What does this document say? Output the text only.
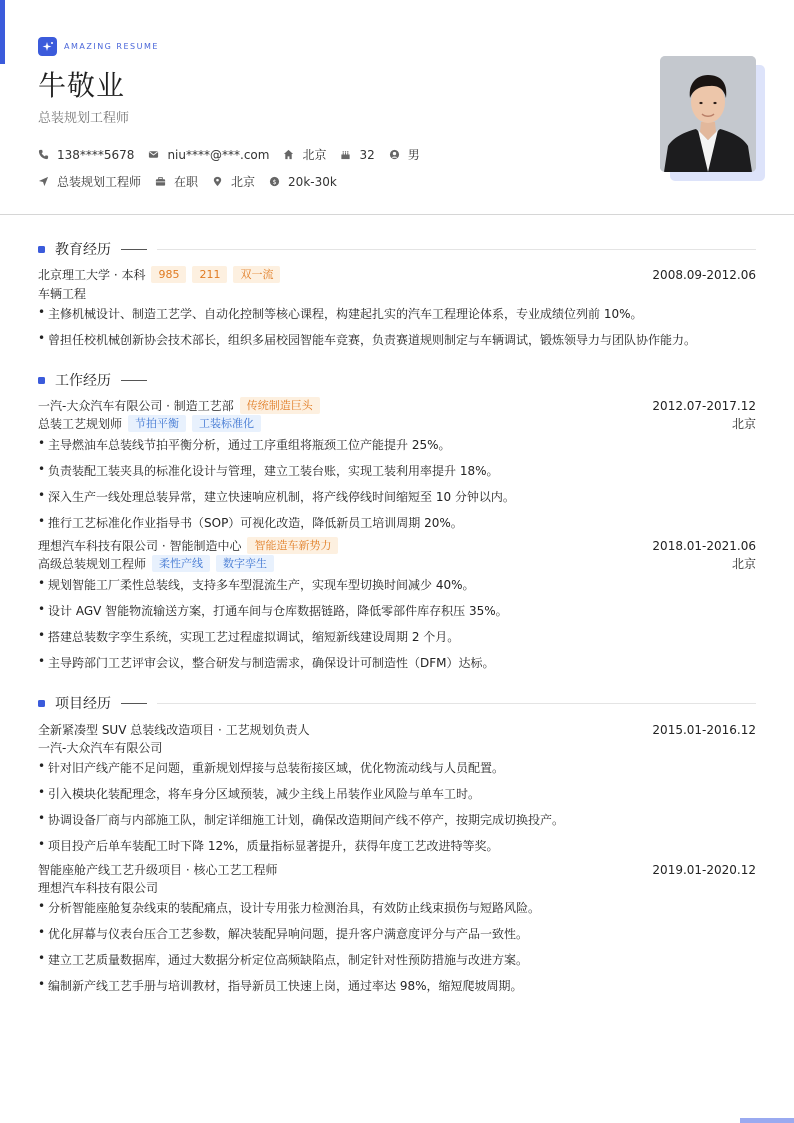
AMAZING RESUME
牛敬业
总装规划工程师
138****5678	niu****@***.com	北京	32	男
总装规划工程师	在职	北京 $ 20k-30k
教育经历
北京理工大学 · 本科	985	211	双一流	2008.09-2012.06
车辆工程
• 主修机械设计、制造工艺学、自动化控制等核心课程，构建起扎实的汽车工程理论体系，专业成绩位列前 10%。
• 曾担任校机械创新协会技术部长，组织多届校园智能车竞赛，负责赛道规则制定与车辆调试，锻炼领导力与团队协作能力。
工作经历
一汽-大众汽车有限公司 · 制造工艺部	传统制造巨头	2012.07-2017.12
总装工艺规划师	节拍平衡	工装标准化	北京
• 主导燃油车总装线节拍平衡分析，通过工序重组将瓶颈工位产能提升 25%。
• 负责装配工装夹具的标准化设计与管理，建立工装台账，实现工装利用率提升 18%。
• 深入生产一线处理总装异常，建立快速响应机制，将产线停线时间缩短至 10 分钟以内。
• 推行工艺标准化作业指导书（SOP）可视化改造，降低新员工培训周期 20%。
理想汽车科技有限公司 · 智能制造中心	智能造车新势力	2018.01-2021.06
高级总装规划工程师	柔性产线	数字孪生	北京
• 规划智能工厂柔性总装线，支持多车型混流生产，实现车型切换时间减少 40%。
• 设计 AGV 智能物流输送方案，打通车间与仓库数据链路，降低零部件库存积压 35%。
• 搭建总装数字孪生系统，实现工艺过程虚拟调试，缩短新线建设周期 2 个月。
• 主导跨部门工艺评审会议，整合研发与制造需求，确保设计可制造性（DFM）达标。
项目经历
全新紧凑型 SUV 总装线改造项目 · 工艺规划负责人	2015.01-2016.12
一汽-大众汽车有限公司
• 针对旧产线产能不足问题，重新规划焊接与总装衔接区域，优化物流动线与人员配置。
• 引入模块化装配理念，将车身分区域预装，减少主线上吊装作业风险与单车工时。
• 协调设备厂商与内部施工队，制定详细施工计划，确保改造期间产线不停产，按期完成切换投产。
• 项目投产后单车装配工时下降 12%，质量指标显著提升，获得年度工艺改进特等奖。
智能座舱产线工艺升级项目 · 核心工艺工程师	2019.01-2020.12
理想汽车科技有限公司
• 分析智能座舱复杂线束的装配痛点，设计专用张力检测治具，有效防止线束损伤与短路风险。
• 优化屏幕与仪表台压合工艺参数，解决装配异响问题，提升客户满意度评分与产品一致性。
• 建立工艺质量数据库，通过大数据分析定位高频缺陷点，制定针对性预防措施与改进方案。
• 编制新产线工艺手册与培训教材，指导新员工快速上岗，通过率达 98%，缩短爬坡周期。
